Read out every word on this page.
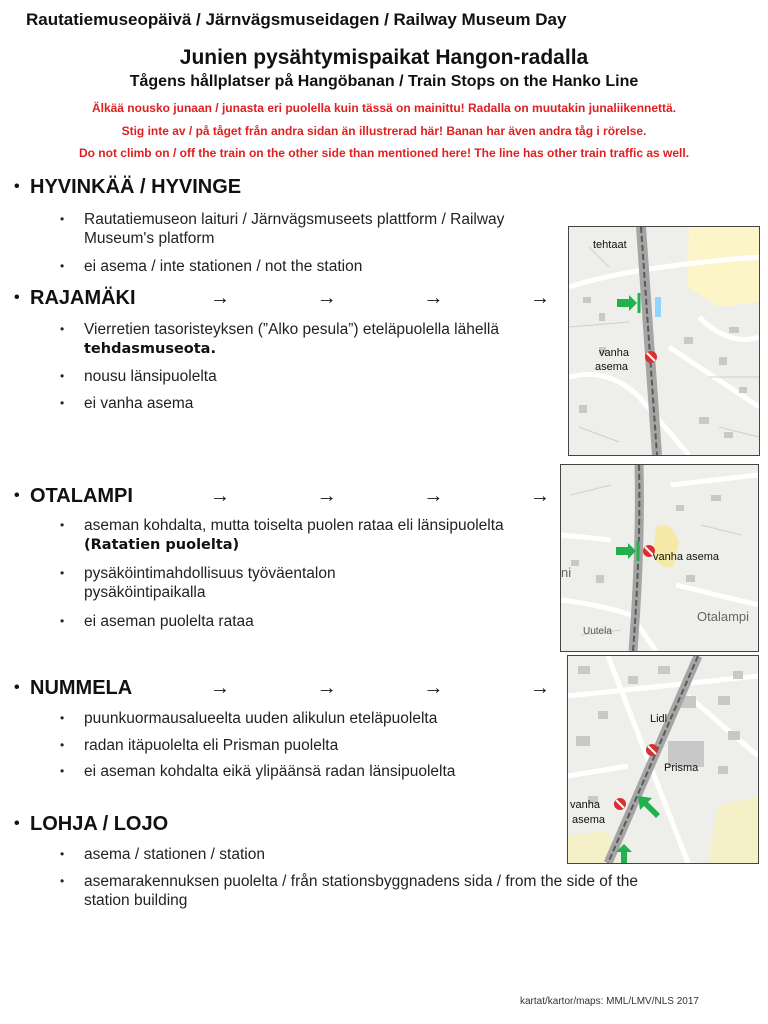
Rautatiemuseopäivä / Järnvägsmuseidagen / Railway Museum Day
Junien pysähtymispaikat Hangon-radalla
Tågens hållplatser på Hangöbanan / Train Stops on the Hanko Line
Älkää nousko junaan / junasta eri puolella kuin tässä on mainittu! Radalla on muutakin junaliikennettä.
Stig inte av / på tåget från andra sidan än illustrerad här! Banan har även andra tåg i rörelse.
Do not climb on / off the train on the other side than mentioned here! The line has other train traffic as well.
• HYVINKÄÄ / HYVINGE
• Rautatiemuseon laituri / Järnvägsmuseets plattform / Railway Museum's platform
• ei asema / inte stationen / not the station
• RAJAMÄKI	→	→	→	→
• Vierretien tasoristeyksen (”Alko pesula”) eteläpuolella lähellä tehdasmuseota.
• nousu länsipuolelta
• ei vanha asema
• OTALAMPI	→	→	→	→
• aseman kohdalta, mutta toiselta puolen rataa eli länsipuolelta (Ratatien puolelta)
• pysäköintimahdollisuus työväentalon pysäköintipaikalla
• ei aseman puolelta rataa
• NUMMELA	→	→	→	→
• puunkuormausalueelta uuden alikulun eteläpuolelta
• radan itäpuolelta eli Prisman puolelta
• ei aseman kohdalta eikä ylipäänsä radan länsipuolelta
• LOHJA / LOJO
• asema / stationen / station
• asemarakennuksen puolelta / från stationsbyggnadens sida / from the side of the station building
kartat/kartor/maps: MML/LMV/NLS 2017
tehtaat
vanha
asema
vanha asema
ni
Otalampi
Uutela
Lidl
Prisma
vanha
asema
